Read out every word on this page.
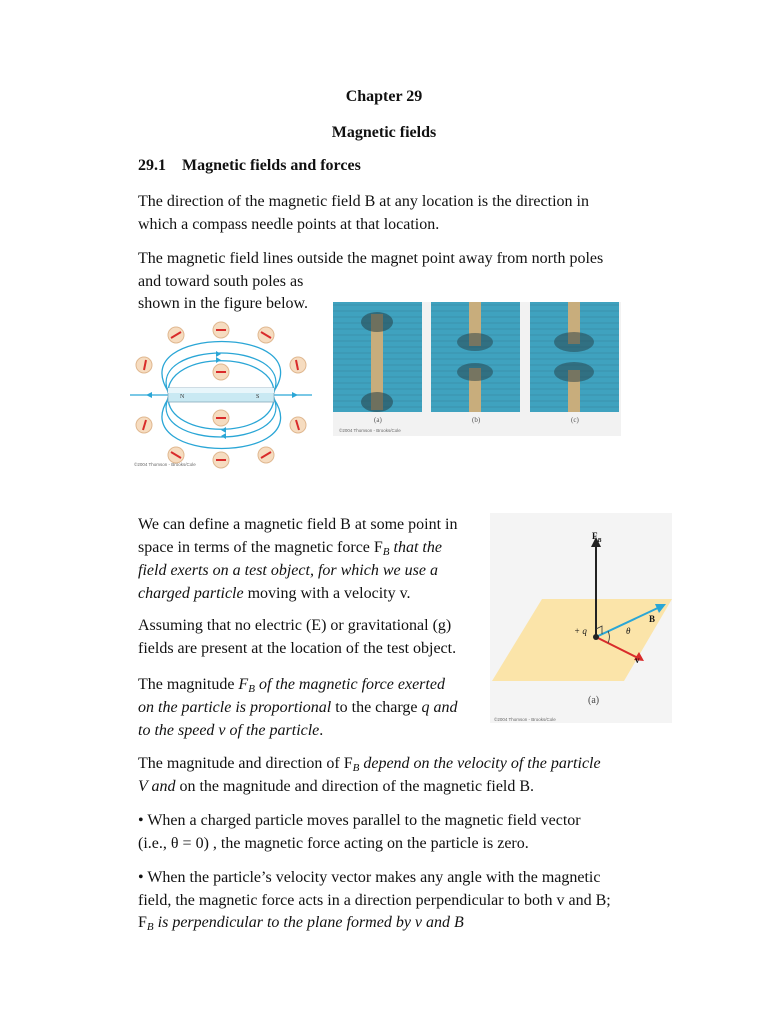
Chapter 29
Magnetic fields
29.1 Magnetic fields and forces
The direction of the magnetic field B at any location is the direction in which a compass needle points at that location.
The magnetic field lines outside the magnet point away from north poles
and toward south poles as
shown in the figure below.
N	S
©2004 Thomson - Brooks/Cole
(a)	(b)	(c)
©2004 Thomson - Brooks/Cole
We can define a magnetic field B at some point in
space in terms of the magnetic force $F_B$ that the
field exerts on a test object, for which we use a
charged particle moving with a velocity v.
$F_B$
B
+ q	θ
v
(a)
©2004 Thomson - Brooks/Cole
Assuming that no electric (E) or gravitational (g)
fields are present at the location of the test object.
The magnitude $F_B$ of the magnetic force exerted
on the particle is proportional to the charge q and
to the speed v of the particle.
The magnitude and direction of $F_B$ depend on the velocity of the particle
V and on the magnitude and direction of the magnetic field B.
• When a charged particle moves parallel to the magnetic field vector
(i.e., θ = 0) , the magnetic force acting on the particle is zero.
• When the particle’s velocity vector makes any angle with the magnetic
field, the magnetic force acts in a direction perpendicular to both v and B;
$F_B$ is perpendicular to the plane formed by v and B
